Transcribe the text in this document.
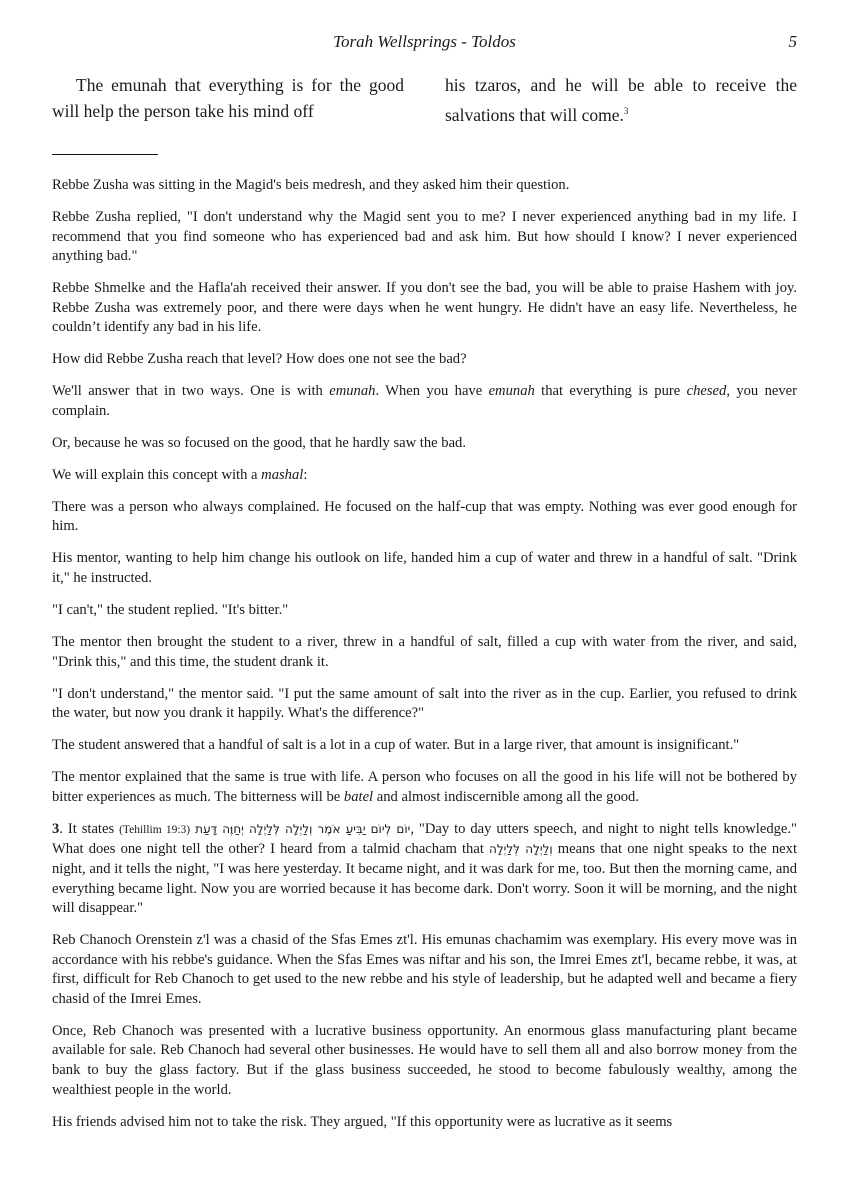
Torah Wellsprings - Toldos	5
The emunah that everything is for the good will help the person take his mind off
his tzaros, and he will be able to receive the salvations that will come.$^3$

Rebbe Zusha was sitting in the Magid's beis medresh, and they asked him their question.

Rebbe Zusha replied, "I don't understand why the Magid sent you to me? I never experienced anything bad in my life. I recommend that you find someone who has experienced bad and ask him. But how should I know? I never experienced anything bad."

Rebbe Shmelke and the Hafla'ah received their answer. If you don't see the bad, you will be able to praise Hashem with joy. Rebbe Zusha was extremely poor, and there were days when he went hungry. He didn't have an easy life. Nevertheless, he couldn’t identify any bad in his life.

How did Rebbe Zusha reach that level? How does one not see the bad?

We'll answer that in two ways. One is with emunah. When you have emunah that everything is pure chesed, you never complain.

Or, because he was so focused on the good, that he hardly saw the bad.

We will explain this concept with a mashal:

There was a person who always complained. He focused on the half-cup that was empty. Nothing was ever good enough for him.

His mentor, wanting to help him change his outlook on life, handed him a cup of water and threw in a handful of salt. "Drink it," he instructed.

"I can't," the student replied. "It's bitter."

The mentor then brought the student to a river, threw in a handful of salt, filled a cup with water from the river, and said, "Drink this," and this time, the student drank it.

"I don't understand," the mentor said. "I put the same amount of salt into the river as in the cup. Earlier, you refused to drink the water, but now you drank it happily. What's the difference?"

The student answered that a handful of salt is a lot in a cup of water. But in a large river, that amount is insignificant."

The mentor explained that the same is true with life. A person who focuses on all the good in his life will not be bothered by bitter experiences as much. The bitterness will be batel and almost indiscernible among all the good.

3. It states (Tehillim 19:3) יוֹם לְיוֹם יַבִּיעַ אֹמֶר וְלַיְלָה לְּלַיְלָה יְחַוֶּה דָּעַת, "Day to day utters speech, and night to night tells knowledge." What does one night tell the other? I heard from a talmid chacham that וְלַיְלָה לְּלַיְלָה means that one night speaks to the next night, and it tells the night, "I was here yesterday. It became night, and it was dark for me, too. But then the morning came, and everything became light. Now you are worried because it has become dark. Don't worry. Soon it will be morning, and the night will disappear."

Reb Chanoch Orenstein z'l was a chasid of the Sfas Emes zt'l. His emunas chachamim was exemplary. His every move was in accordance with his rebbe's guidance. When the Sfas Emes was niftar and his son, the Imrei Emes zt'l, became rebbe, it was, at first, difficult for Reb Chanoch to get used to the new rebbe and his style of leadership, but he adapted well and became a fiery chasid of the Imrei Emes.

Once, Reb Chanoch was presented with a lucrative business opportunity. An enormous glass manufacturing plant became available for sale. Reb Chanoch had several other businesses. He would have to sell them all and also borrow money from the bank to buy the glass factory. But if the glass business succeeded, he stood to become fabulously wealthy, among the wealthiest people in the world.

His friends advised him not to take the risk. They argued, "If this opportunity were as lucrative as it seems
